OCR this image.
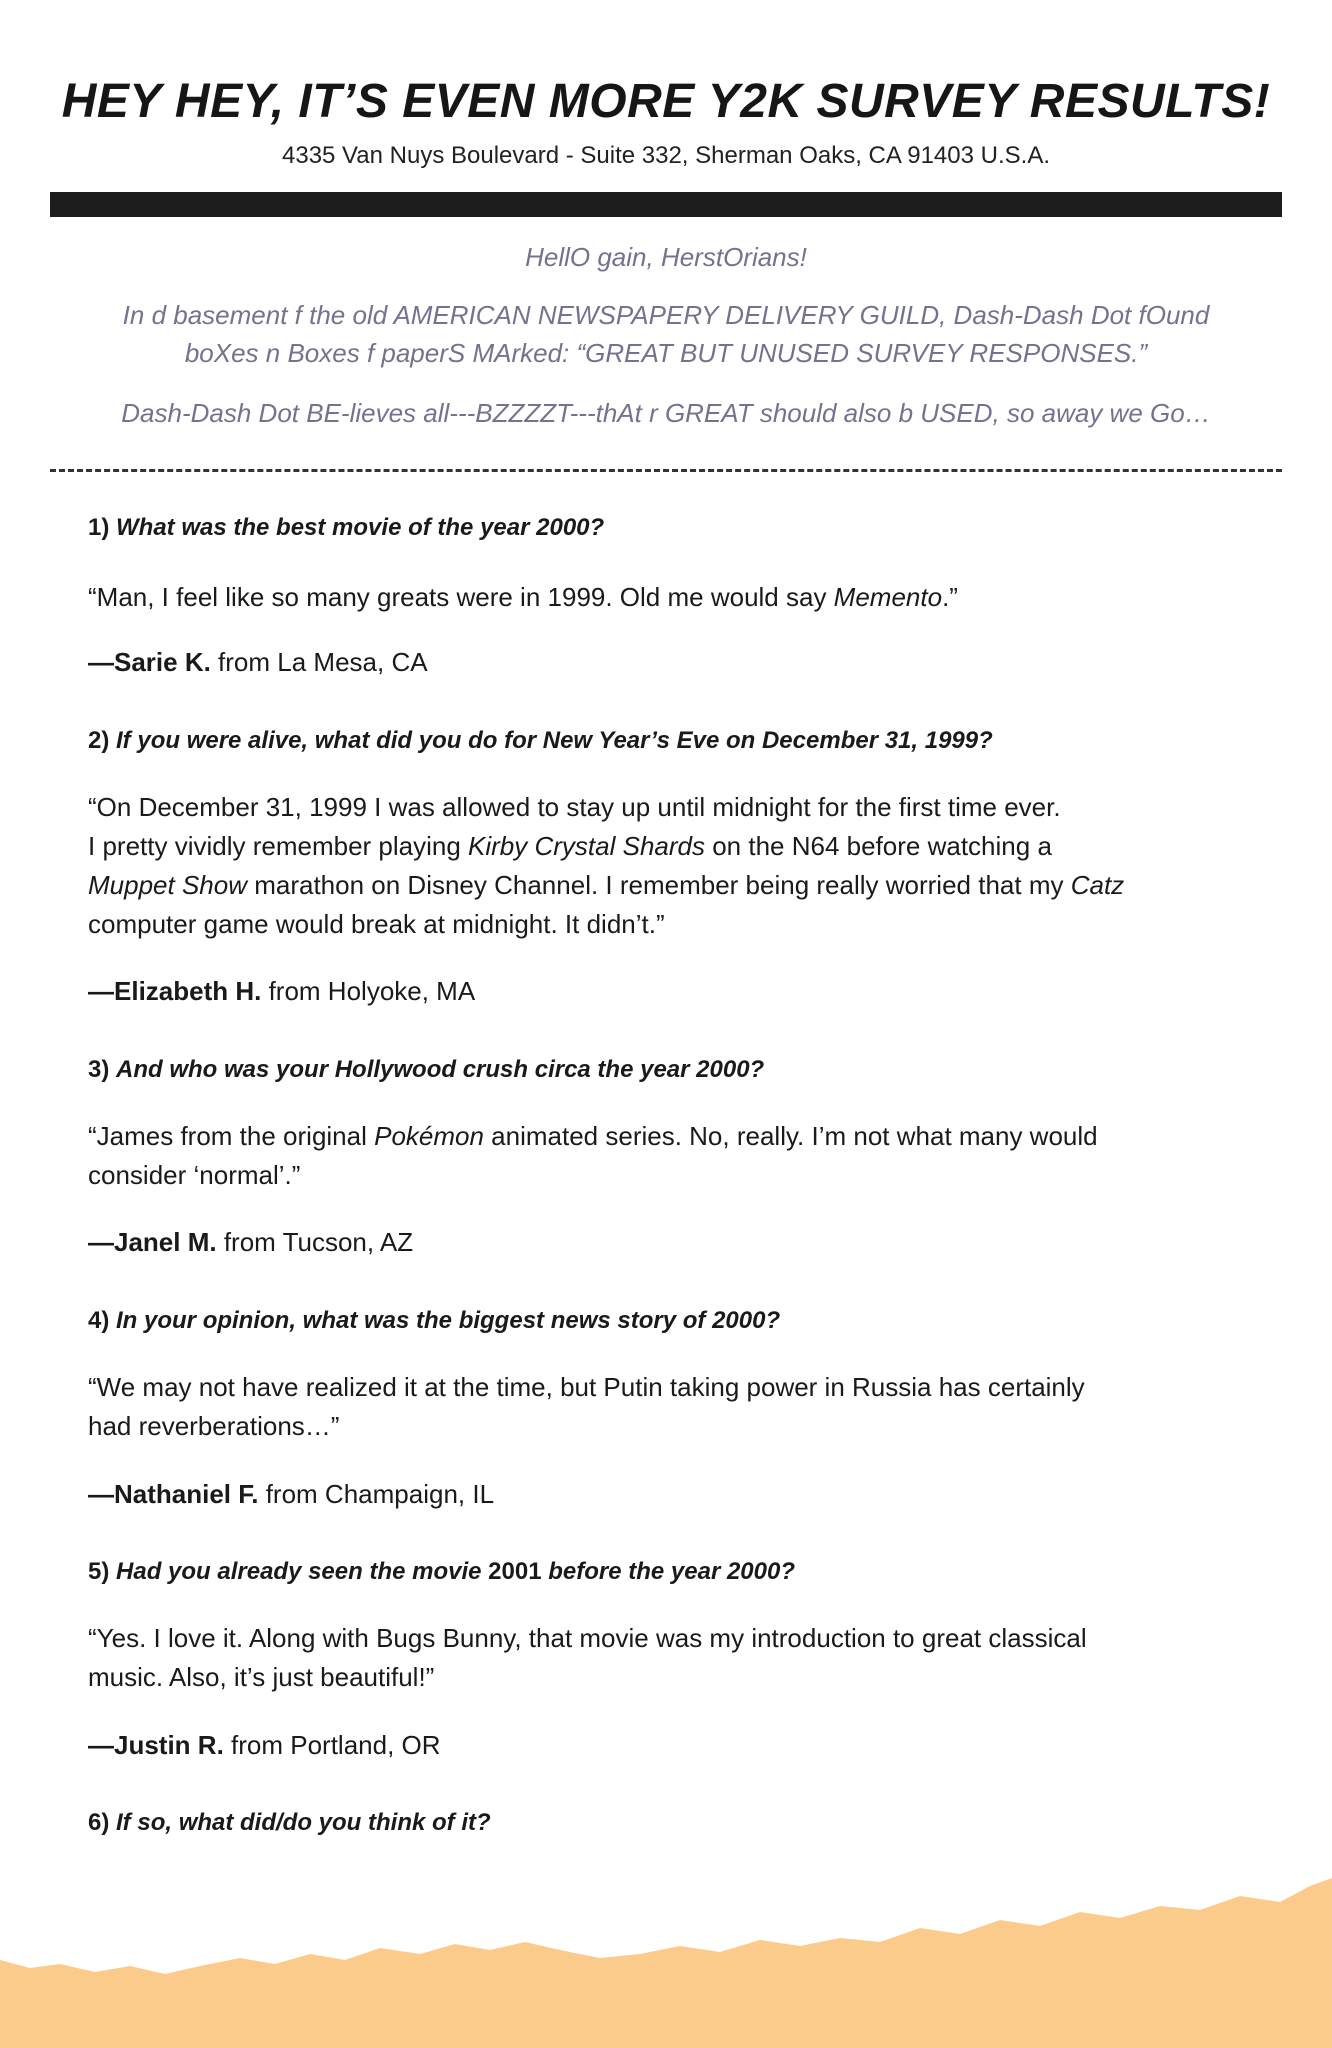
HEY HEY, IT’S EVEN MORE Y2K SURVEY RESULTS!
4335 Van Nuys Boulevard - Suite 332, Sherman Oaks, CA 91403 U.S.A.
HellO gain, HerstOrians!
In d basement f the old AMERICAN NEWSPAPERY DELIVERY GUILD, Dash-Dash Dot fOund
boXes n Boxes f paperS MArked: “GREAT BUT UNUSED SURVEY RESPONSES.”
Dash-Dash Dot BE-lieves all---BZZZZT---thAt r GREAT should also b USED, so away we Go…
1) What was the best movie of the year 2000?
“Man, I feel like so many greats were in 1999. Old me would say Memento.”
—Sarie K. from La Mesa, CA
2) If you were alive, what did you do for New Year’s Eve on December 31, 1999?
“On December 31, 1999 I was allowed to stay up until midnight for the first time ever.
I pretty vividly remember playing Kirby Crystal Shards on the N64 before watching a
Muppet Show marathon on Disney Channel. I remember being really worried that my Catz
computer game would break at midnight. It didn’t.”
—Elizabeth H. from Holyoke, MA
3) And who was your Hollywood crush circa the year 2000?
“James from the original Pokémon animated series. No, really. I’m not what many would
consider ‘normal’.”
—Janel M. from Tucson, AZ
4) In your opinion, what was the biggest news story of 2000?
“We may not have realized it at the time, but Putin taking power in Russia has certainly
had reverberations…”
—Nathaniel F. from Champaign, IL
5) Had you already seen the movie 2001 before the year 2000?
“Yes. I love it. Along with Bugs Bunny, that movie was my introduction to great classical
music. Also, it’s just beautiful!”
—Justin R. from Portland, OR
6) If so, what did/do you think of it?
